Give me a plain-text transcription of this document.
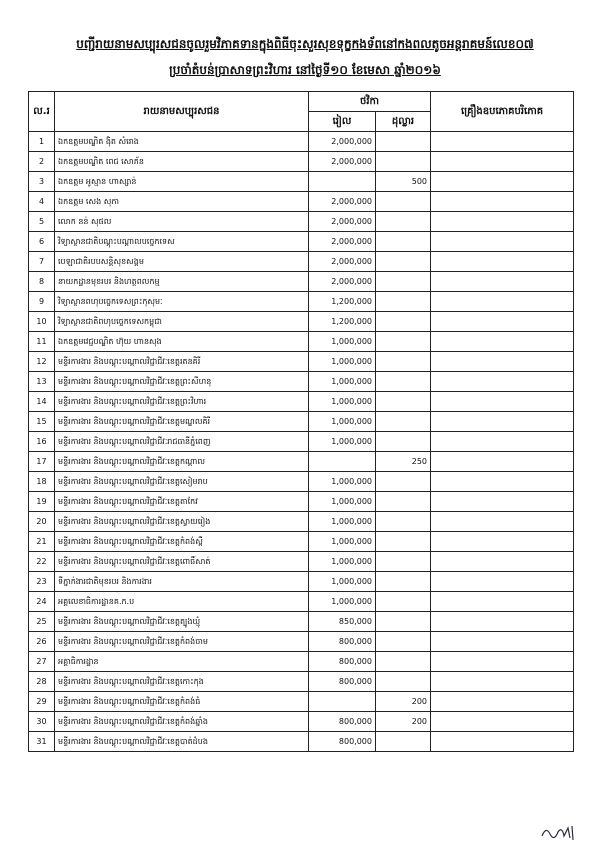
បញ្ជីរាយនាមសប្បុរសជនចូលរួមវិភាគទានក្នុងពិធីចុះសួរសុខទុក្ខកងទ័ពនៅកងពលតូចអន្តរាគមន៍លេខ០៧
ប្រចាំតំបន់ប្រាសាទព្រះវិហារ នៅថ្ងៃទី១០ ខែមេសា ឆ្នាំ២០១៦
ល.រ	រាយនាមសប្បុរសជន	ថវិកា		គ្រឿងឧបភោគបរិភោគ
		រៀល	ដុល្លារ	
1	ឯកឧត្តមបណ្ឌិត ង៉ិត សំរោង	2,000,000		
2	ឯកឧត្តមបណ្ឌិត ពេជ សោភ័ន	2,000,000		
3	ឯកឧត្តម អូស្មាន ហាស្សាន់		500	
4	ឯកឧត្តម សេង សុភា	2,000,000		
5	លោក នន់ សុផល	2,000,000		
6	វិទ្យាស្ថានជាតិបណ្តុះបណ្តាលបច្ចេកទេស	2,000,000		
7	បេឡាជាតិរបបសន្តិសុខសង្គម	2,000,000		
8	នាយកដ្ឋានមុខរបរ និងហត្ថពលកម្ម	2,000,000		
9	វិទ្យាស្ថានពហុបច្ចេកទេសព្រះកុសុមៈ	1,200,000		
10	វិទ្យាស្ថានជាតិពហុបច្ចេកទេសកម្ពុជា	1,200,000		
11	ឯកឧត្តមវេជ្ជបណ្ឌិត ហ៊ុយ ហានសុង	1,000,000		
12	មន្ទីរការងារ និងបណ្តុះបណ្តាលវិជ្ជាជីវៈខេត្តរតនគិរី	1,000,000		
13	មន្ទីរការងារ និងបណ្តុះបណ្តាលវិជ្ជាជីវៈខេត្តព្រះសីហនុ	1,000,000		
14	មន្ទីរការងារ និងបណ្តុះបណ្តាលវិជ្ជាជីវៈខេត្តព្រះវិហារ	1,000,000		
15	មន្ទីរការងារ និងបណ្តុះបណ្តាលវិជ្ជាជីវៈខេត្តមណ្ឌលគិរី	1,000,000		
16	មន្ទីរការងារ និងបណ្តុះបណ្តាលវិជ្ជាជីវៈរាជធានីភ្នំពេញ	1,000,000		
17	មន្ទីរការងារ និងបណ្តុះបណ្តាលវិជ្ជាជីវៈខេត្តកណ្តាល		250	
18	មន្ទីរការងារ និងបណ្តុះបណ្តាលវិជ្ជាជីវៈខេត្តសៀមរាប	1,000,000		
19	មន្ទីរការងារ និងបណ្តុះបណ្តាលវិជ្ជាជីវៈខេត្តតាកែវ	1,000,000		
20	មន្ទីរការងារ និងបណ្តុះបណ្តាលវិជ្ជាជីវៈខេត្តស្វាយរៀង	1,000,000		
21	មន្ទីរការងារ និងបណ្តុះបណ្តាលវិជ្ជាជីវៈខេត្តកំពង់ស្ពឺ	1,000,000		
22	មន្ទីរការងារ និងបណ្តុះបណ្តាលវិជ្ជាជីវៈខេត្តពោធិ៍សាត់	1,000,000		
23	ទីភ្នាក់ងារជាតិមុខរបរ និងការងារ	1,000,000		
24	អគ្គលេខាធិការដ្ឋានគ.ក.ប	1,000,000		
25	មន្ទីរការងារ និងបណ្តុះបណ្តាលវិជ្ជាជីវៈខេត្តត្បូងឃ្មុំ	850,000		
26	មន្ទីរការងារ និងបណ្តុះបណ្តាលវិជ្ជាជីវៈខេត្តកំពង់ចាម	800,000		
27	អគ្គាធិការដ្ឋាន	800,000		
28	មន្ទីរការងារ និងបណ្តុះបណ្តាលវិជ្ជាជីវៈខេត្តកោះកុង	800,000		
29	មន្ទីរការងារ និងបណ្តុះបណ្តាលវិជ្ជាជីវៈខេត្តកំពង់ធំ		200	
30	មន្ទីរការងារ និងបណ្តុះបណ្តាលវិជ្ជាជីវៈខេត្តកំពង់ឆ្នាំង	800,000	200	
31	មន្ទីរការងារ និងបណ្តុះបណ្តាលវិជ្ជាជីវៈខេត្តបាត់ដំបង	800,000		
